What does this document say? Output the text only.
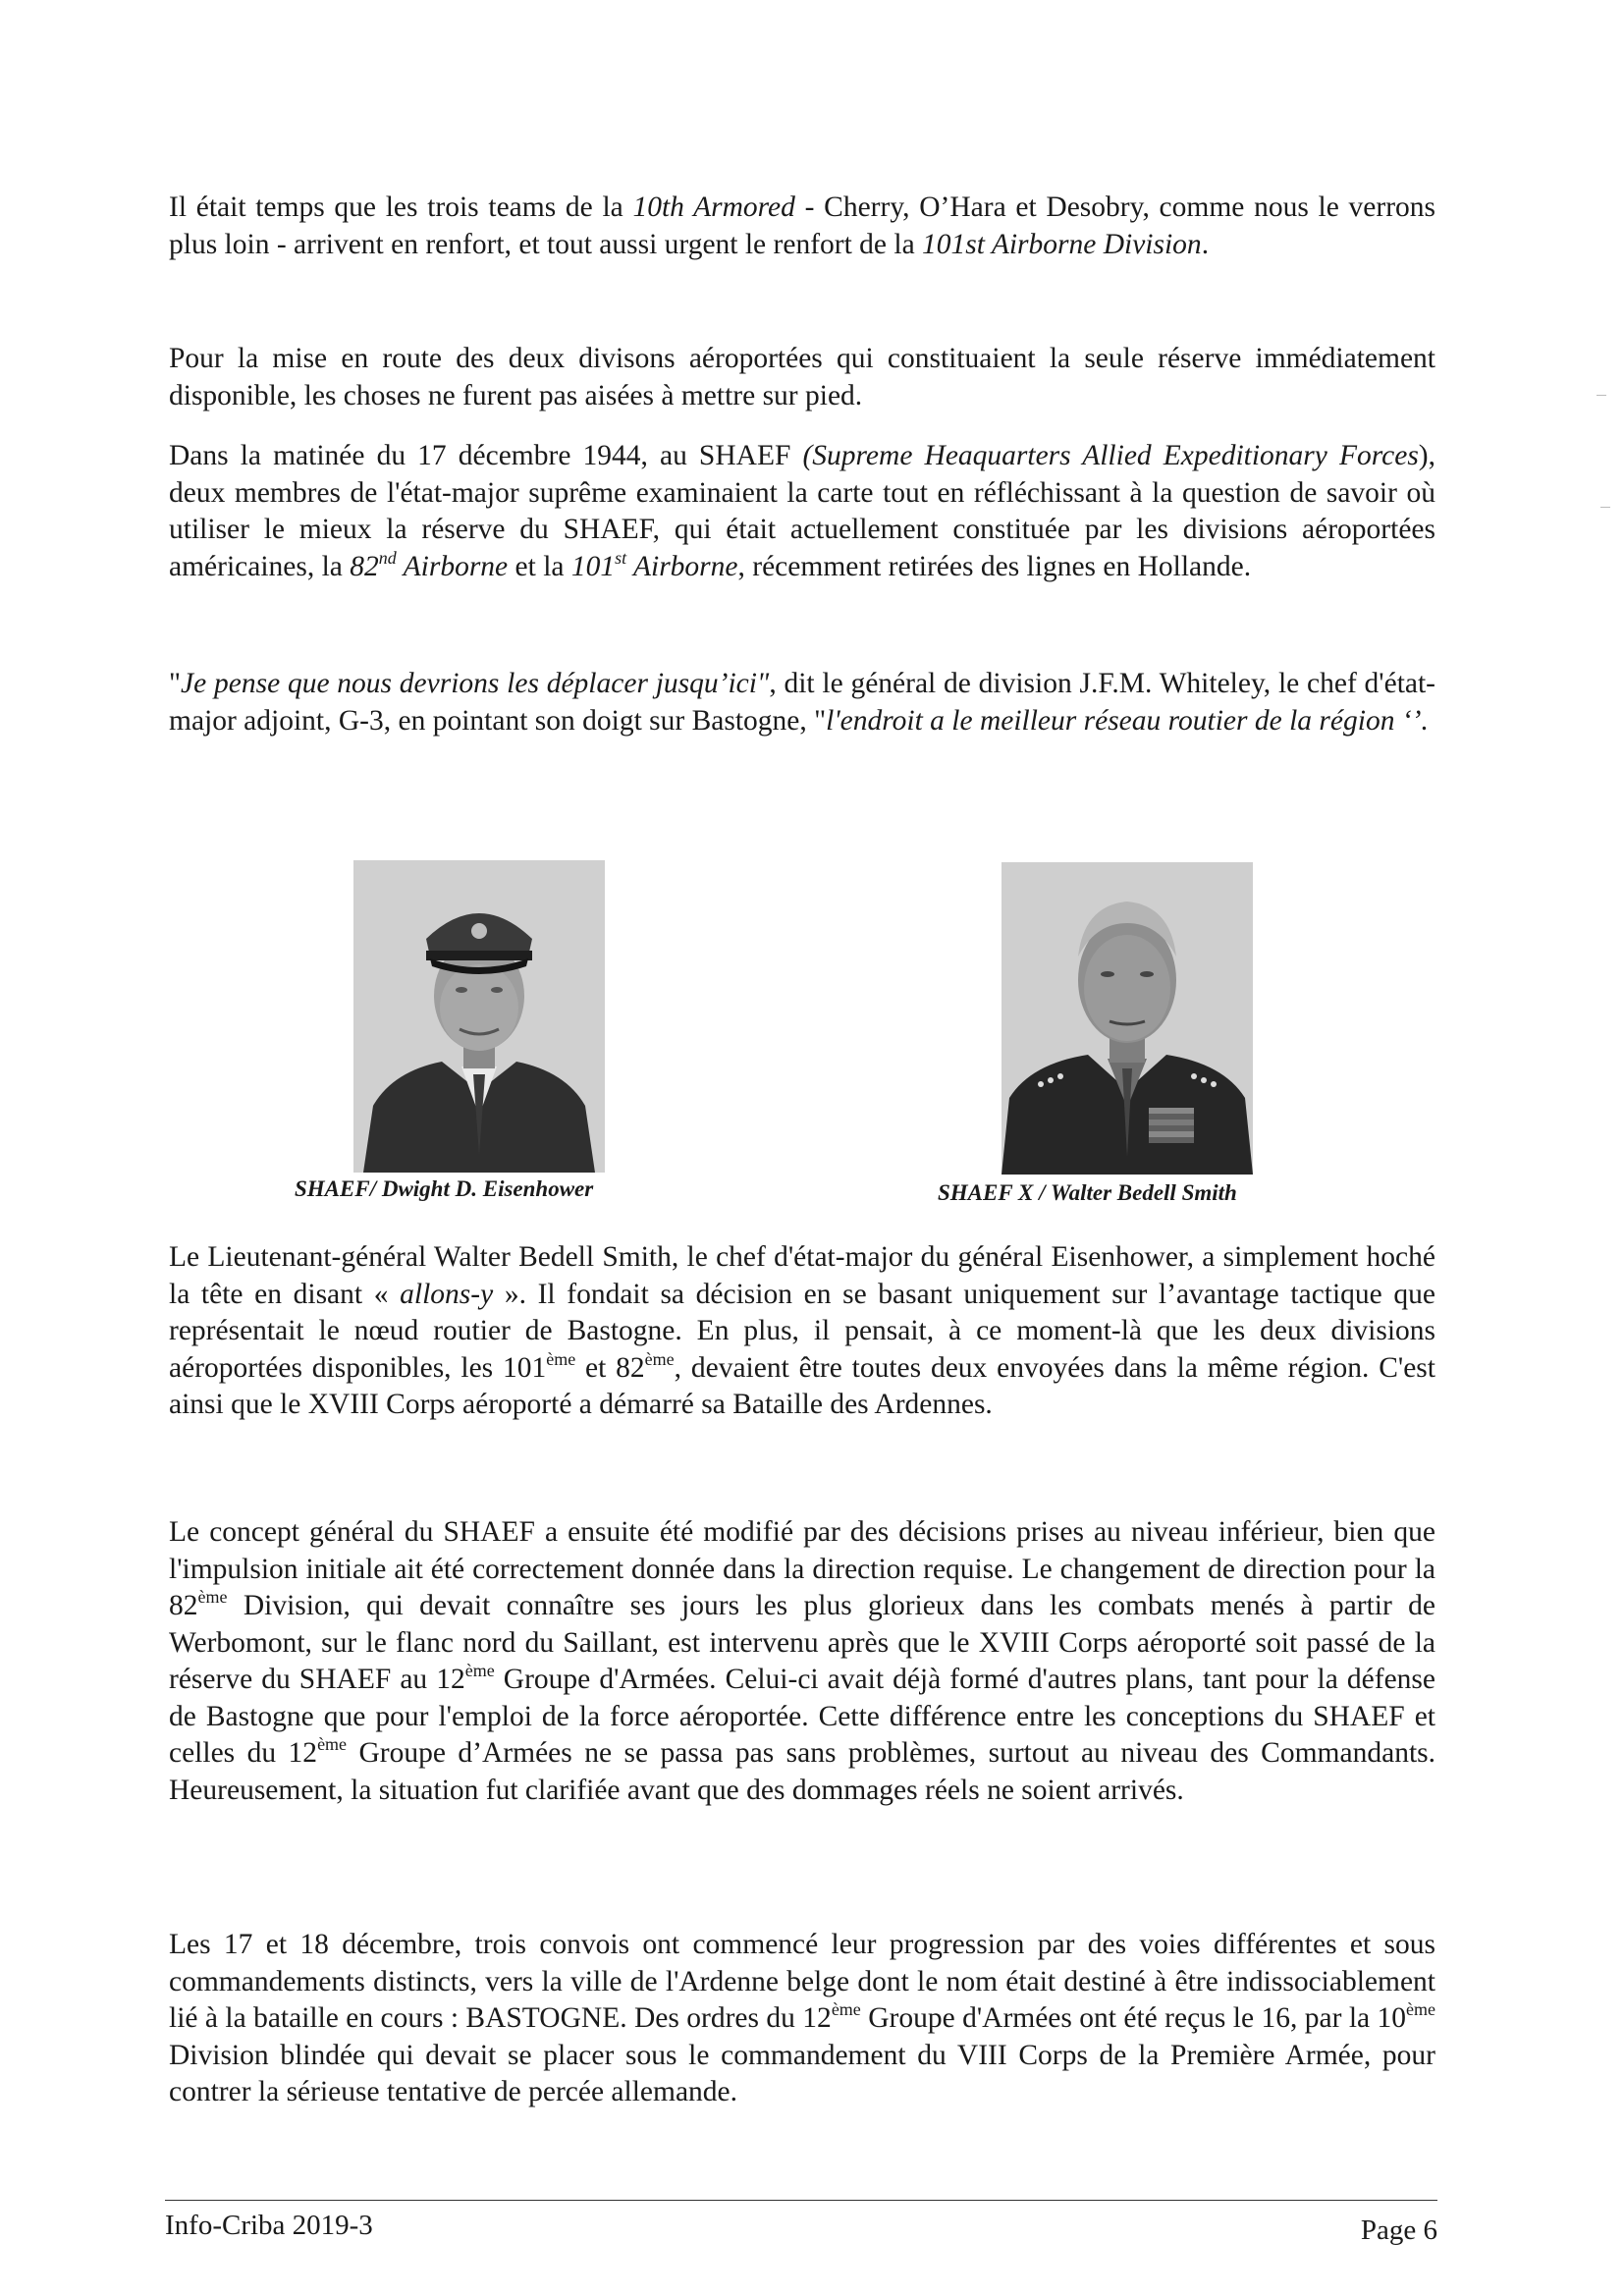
Il était temps que les trois teams de la 10th Armored - Cherry, O’Hara et Desobry, comme nous le verrons plus loin - arrivent en renfort, et tout aussi urgent le renfort de la 101st Airborne Division.

Pour la mise en route des deux divisons aéroportées qui constituaient la seule réserve immédiatement disponible, les choses ne furent pas aisées à mettre sur pied.

Dans la matinée du 17 décembre 1944, au SHAEF (Supreme Heaquarters Allied Expeditionary Forces), deux membres de l'état-major suprême examinaient la carte tout en réfléchissant à la question de savoir où utiliser le mieux la réserve du SHAEF, qui était actuellement constituée par les divisions aéroportées américaines, la 82nd Airborne et la 101st Airborne, récemment retirées des lignes en Hollande.

"Je pense que nous devrions les déplacer jusqu’ici", dit le général de division J.F.M. Whiteley, le chef d'état-major adjoint, G-3, en pointant son doigt sur Bastogne, "l'endroit a le meilleur réseau routier de la région ‘’.

SHAEF/ Dwight D. Eisenhower	SHAEF X / Walter Bedell Smith

Le Lieutenant-général Walter Bedell Smith, le chef d'état-major du général Eisenhower, a simplement hoché la tête en disant « allons-y ». Il fondait sa décision en se basant uniquement sur l’avantage tactique que représentait le nœud routier de Bastogne. En plus, il pensait, à ce moment-là que les deux divisions aéroportées disponibles, les 101ème et 82ème, devaient être toutes deux envoyées dans la même région. C'est ainsi que le XVIII Corps aéroporté a démarré sa Bataille des Ardennes.

Le concept général du SHAEF a ensuite été modifié par des décisions prises au niveau inférieur, bien que l'impulsion initiale ait été correctement donnée dans la direction requise. Le changement de direction pour la 82ème Division, qui devait connaître ses jours les plus glorieux dans les combats menés à partir de Werbomont, sur le flanc nord du Saillant, est intervenu après que le XVIII Corps aéroporté soit passé de la réserve du SHAEF au 12ème Groupe d'Armées. Celui-ci avait déjà formé d'autres plans, tant pour la défense de Bastogne que pour l'emploi de la force aéroportée. Cette différence entre les conceptions du SHAEF et celles du 12ème Groupe d’Armées ne se passa pas sans problèmes, surtout au niveau des Commandants. Heureusement, la situation fut clarifiée avant que des dommages réels ne soient arrivés.

Les 17 et 18 décembre, trois convois ont commencé leur progression par des voies différentes et sous commandements distincts, vers la ville de l'Ardenne belge dont le nom était destiné à être indissociablement lié à la bataille en cours : BASTOGNE. Des ordres du 12ème Groupe d'Armées ont été reçus le 16, par la 10ème Division blindée qui devait se placer sous le commandement du VIII Corps de la Première Armée, pour contrer la sérieuse tentative de percée allemande.

Info-Criba 2019-3	Page 6
